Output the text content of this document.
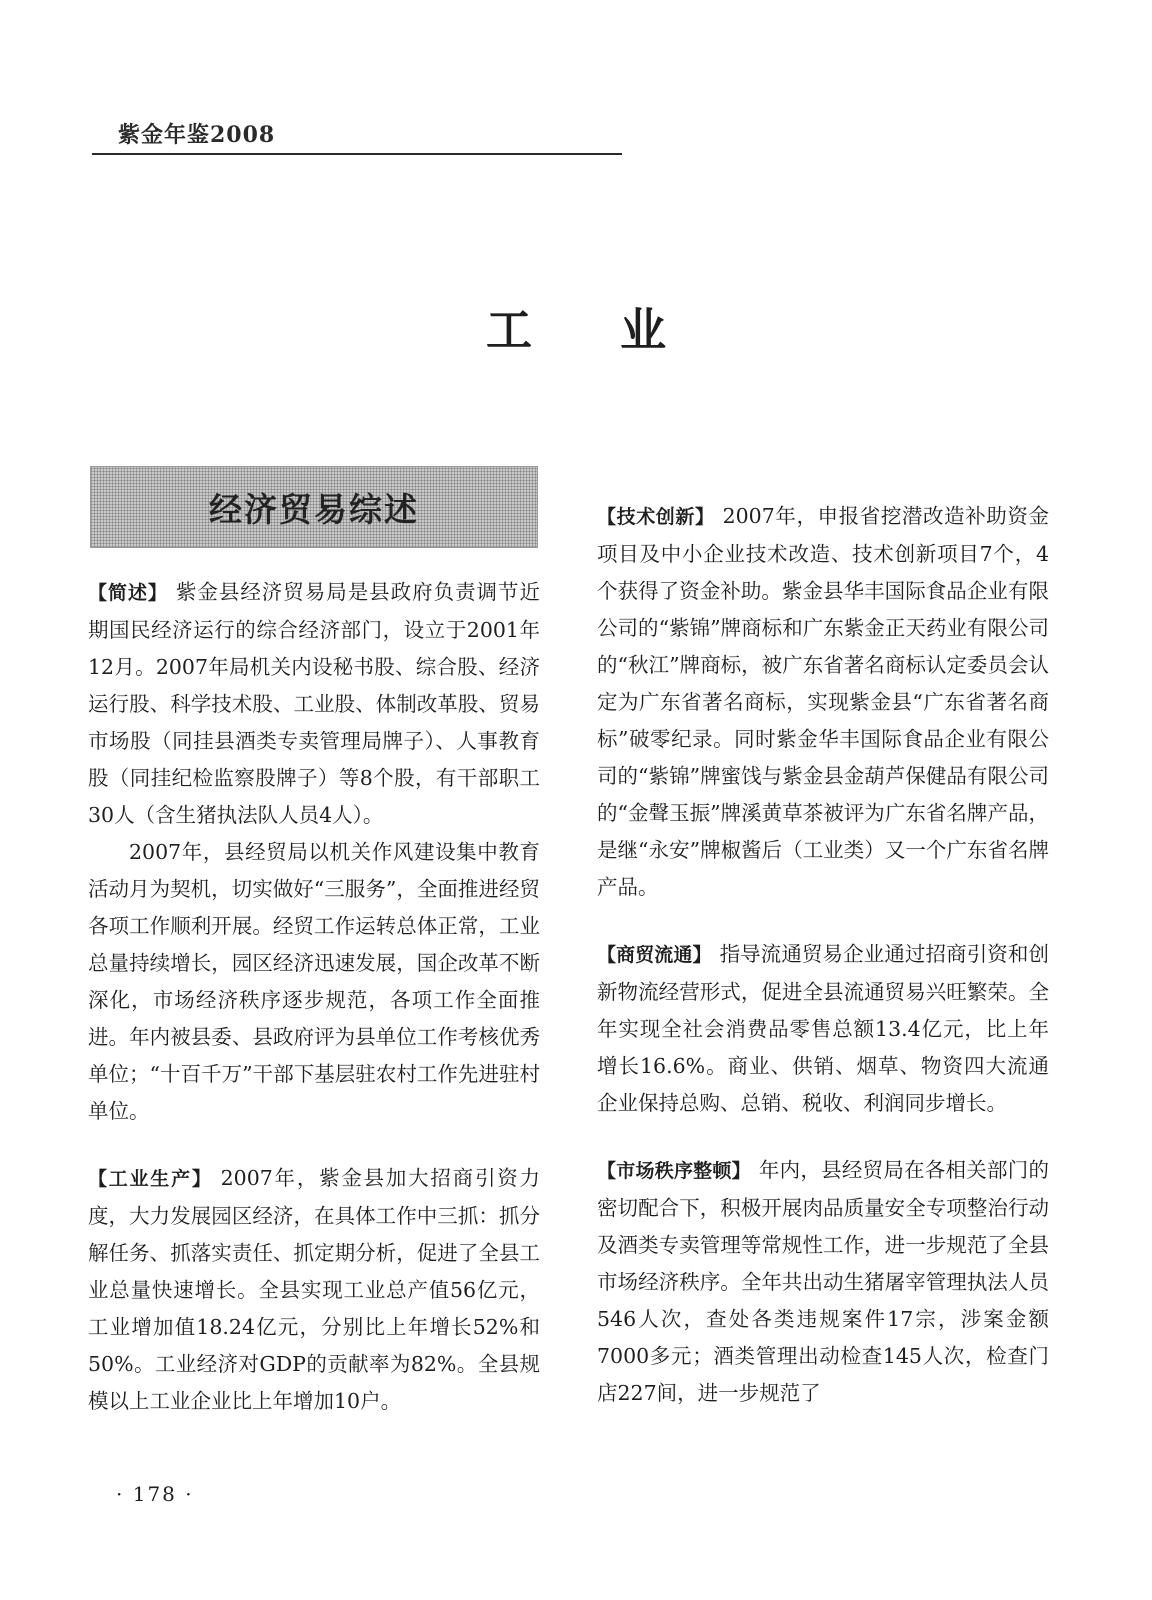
紫金年鉴2008
工业
经济贸易综述

【简述】 紫金县经济贸易局是县政府负责调节近期国民经济运行的综合经济部门，设立于2001年12月。2007年局机关内设秘书股、综合股、经济运行股、科学技术股、工业股、体制改革股、贸易市场股（同挂县酒类专卖管理局牌子）、人事教育股（同挂纪检监察股牌子）等8个股，有干部职工30人（含生猪执法队人员4人）。

2007年，县经贸局以机关作风建设集中教育活动月为契机，切实做好“三服务”，全面推进经贸各项工作顺利开展。经贸工作运转总体正常，工业总量持续增长，园区经济迅速发展，国企改革不断深化，市场经济秩序逐步规范，各项工作全面推进。年内被县委、县政府评为县单位工作考核优秀单位；“十百千万”干部下基层驻农村工作先进驻村单位。

【工业生产】 2007年，紫金县加大招商引资力度，大力发展园区经济，在具体工作中三抓：抓分解任务、抓落实责任、抓定期分析，促进了全县工业总量快速增长。全县实现工业总产值56亿元，工业增加值18.24亿元，分别比上年增长52%和50%。工业经济对GDP的贡献率为82%。全县规模以上工业企业比上年增加10户。

【技术创新】 2007年，申报省挖潜改造补助资金项目及中小企业技术改造、技术创新项目7个，4个获得了资金补助。紫金县华丰国际食品企业有限公司的“紫锦”牌商标和广东紫金正天药业有限公司的“秋江”牌商标，被广东省著名商标认定委员会认定为广东省著名商标，实现紫金县“广东省著名商标”破零纪录。同时紫金华丰国际食品企业有限公司的“紫锦”牌蜜饯与紫金县金葫芦保健品有限公司的“金聲玉振”牌溪黄草茶被评为广东省名牌产品，是继“永安”牌椒酱后（工业类）又一个广东省名牌产品。

【商贸流通】 指导流通贸易企业通过招商引资和创新物流经营形式，促进全县流通贸易兴旺繁荣。全年实现全社会消费品零售总额13.4亿元，比上年增长16.6%。商业、供销、烟草、物资四大流通企业保持总购、总销、税收、利润同步增长。

【市场秩序整顿】 年内，县经贸局在各相关部门的密切配合下，积极开展肉品质量安全专项整治行动及酒类专卖管理等常规性工作，进一步规范了全县市场经济秩序。全年共出动生猪屠宰管理执法人员546人次，查处各类违规案件17宗，涉案金额7000多元；酒类管理出动检查145人次，检查门店227间，进一步规范了

· 178 ·
